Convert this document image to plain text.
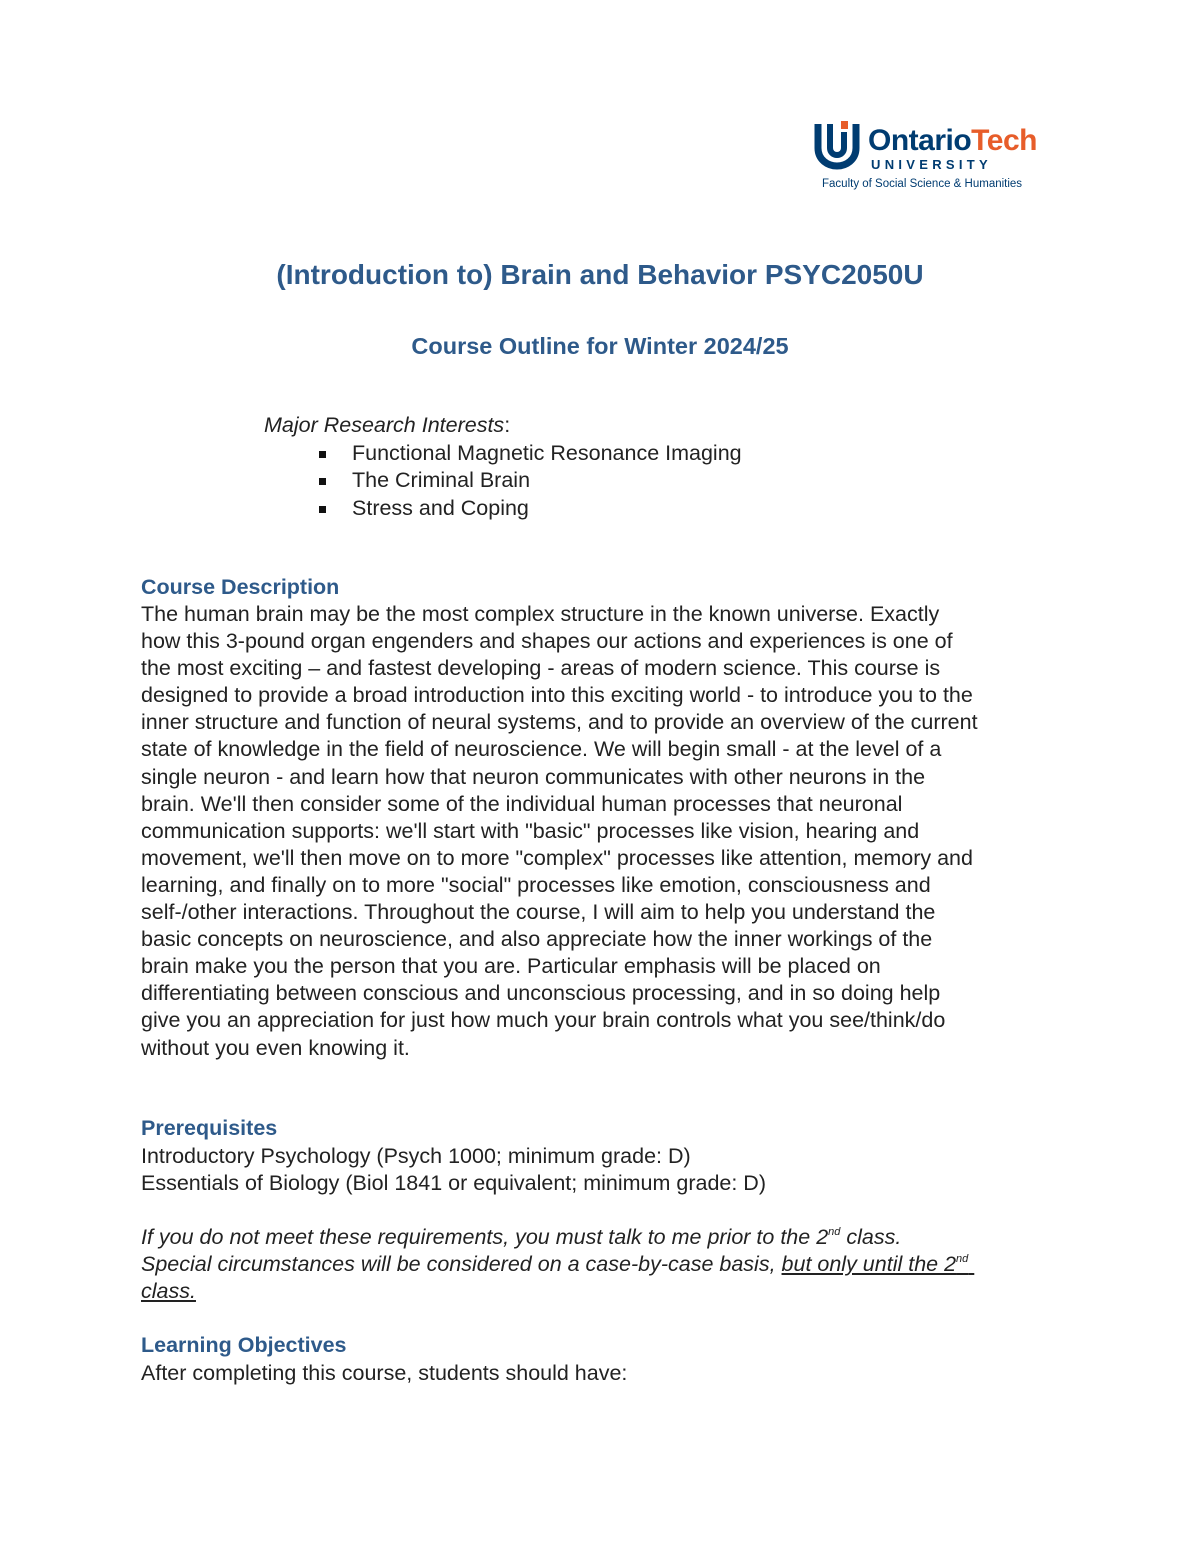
OntarioTech
UNIVERSITY
Faculty of Social Science & Humanities
(Introduction to) Brain and Behavior PSYC2050U
Course Outline for Winter 2024/25
Major Research Interests:
Functional Magnetic Resonance Imaging
The Criminal Brain
Stress and Coping
Course Description
The human brain may be the most complex structure in the known universe. Exactly
how this 3-pound organ engenders and shapes our actions and experiences is one of
the most exciting – and fastest developing - areas of modern science. This course is
designed to provide a broad introduction into this exciting world - to introduce you to the
inner structure and function of neural systems, and to provide an overview of the current
state of knowledge in the field of neuroscience. We will begin small - at the level of a
single neuron - and learn how that neuron communicates with other neurons in the
brain. We'll then consider some of the individual human processes that neuronal
communication supports: we'll start with "basic" processes like vision, hearing and
movement, we'll then move on to more "complex" processes like attention, memory and
learning, and finally on to more "social" processes like emotion, consciousness and
self-/other interactions. Throughout the course, I will aim to help you understand the
basic concepts on neuroscience, and also appreciate how the inner workings of the
brain make you the person that you are. Particular emphasis will be placed on
differentiating between conscious and unconscious processing, and in so doing help
give you an appreciation for just how much your brain controls what you see/think/do
without you even knowing it.
Prerequisites
Introductory Psychology (Psych 1000; minimum grade: D)
Essentials of Biology (Biol 1841 or equivalent; minimum grade: D)
If you do not meet these requirements, you must talk to me prior to the 2nd class.
Special circumstances will be considered on a case-by-case basis, but only until the 2nd
class.
Learning Objectives
After completing this course, students should have:
